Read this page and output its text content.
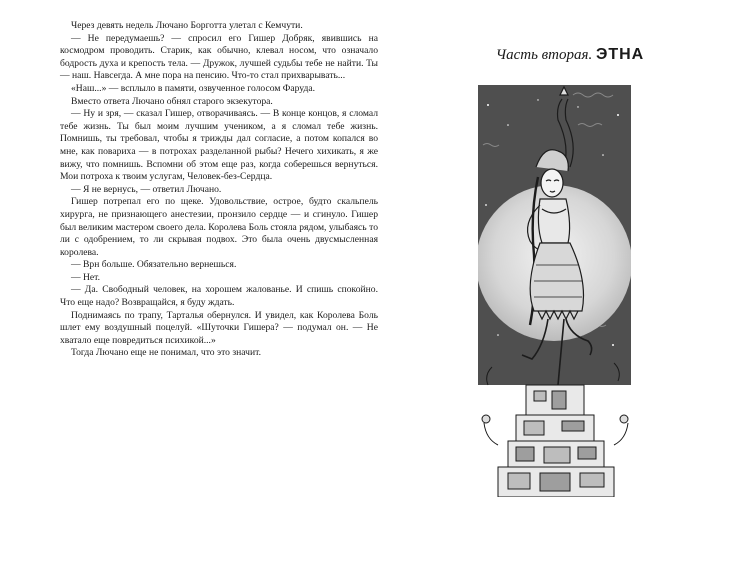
Через девять недель Лючано Борготта улетал с Кемчути.

— Не передумаешь? — спросил его Гишер Добряк, явившись на космодром проводить. Старик, как обычно, клевал носом, что означало бодрость духа и крепость тела. — Дружок, лучшей судьбы тебе не найти. Ты — наш. Навсегда. А мне пора на пенсию. Что-то стал прихварывать...

«Наш...» — всплыло в памяти, озвученное голосом Фаруда.

Вместо ответа Лючано обнял старого экзекутора.

— Ну и зря, — сказал Гишер, отворачиваясь. — В конце концов, я сломал тебе жизнь. Ты был моим лучшим учеником, а я сломал тебе жизнь. Помнишь, ты требовал, чтобы я трижды дал согласие, а потом копался во мне, как поварихa — в потрохах разделанной рыбы? Нечего хихикать, я же вижу, что помнишь. Вспомни об этом еще раз, когда соберешься вернуться. Мои потроха к твоим услугам, Человек-без-Сердца.

— Я не вернусь, — ответил Лючано.

Гишер потрепал его по щеке. Удовольствие, острое, будто скальпель хирурга, не признающего анестезии, пронзило сердце — и сгинуло. Гишер был великим мастером своего дела. Королева Боль стояла рядом, улыбаясь то ли с одобрением, то ли скрывая подвох. Это была очень двусмысленная королева.

— Врн больше. Обязательно вернешься.

— Нет.

— Да. Свободный человек, на хорошем жалованье. И спишь спокойно. Что еще надо? Возвращайся, я буду ждать.

Поднимаясь по трапу, Тарталья обернулся. И увидел, как Королева Боль шлет ему воздушный поцелуй. «Шуточки Гишера? — подумал он. — Не хватало еще повредиться психикой...»

Тогда Лючано еще не понимал, что это значит.

Часть вторая. ЭТНА
